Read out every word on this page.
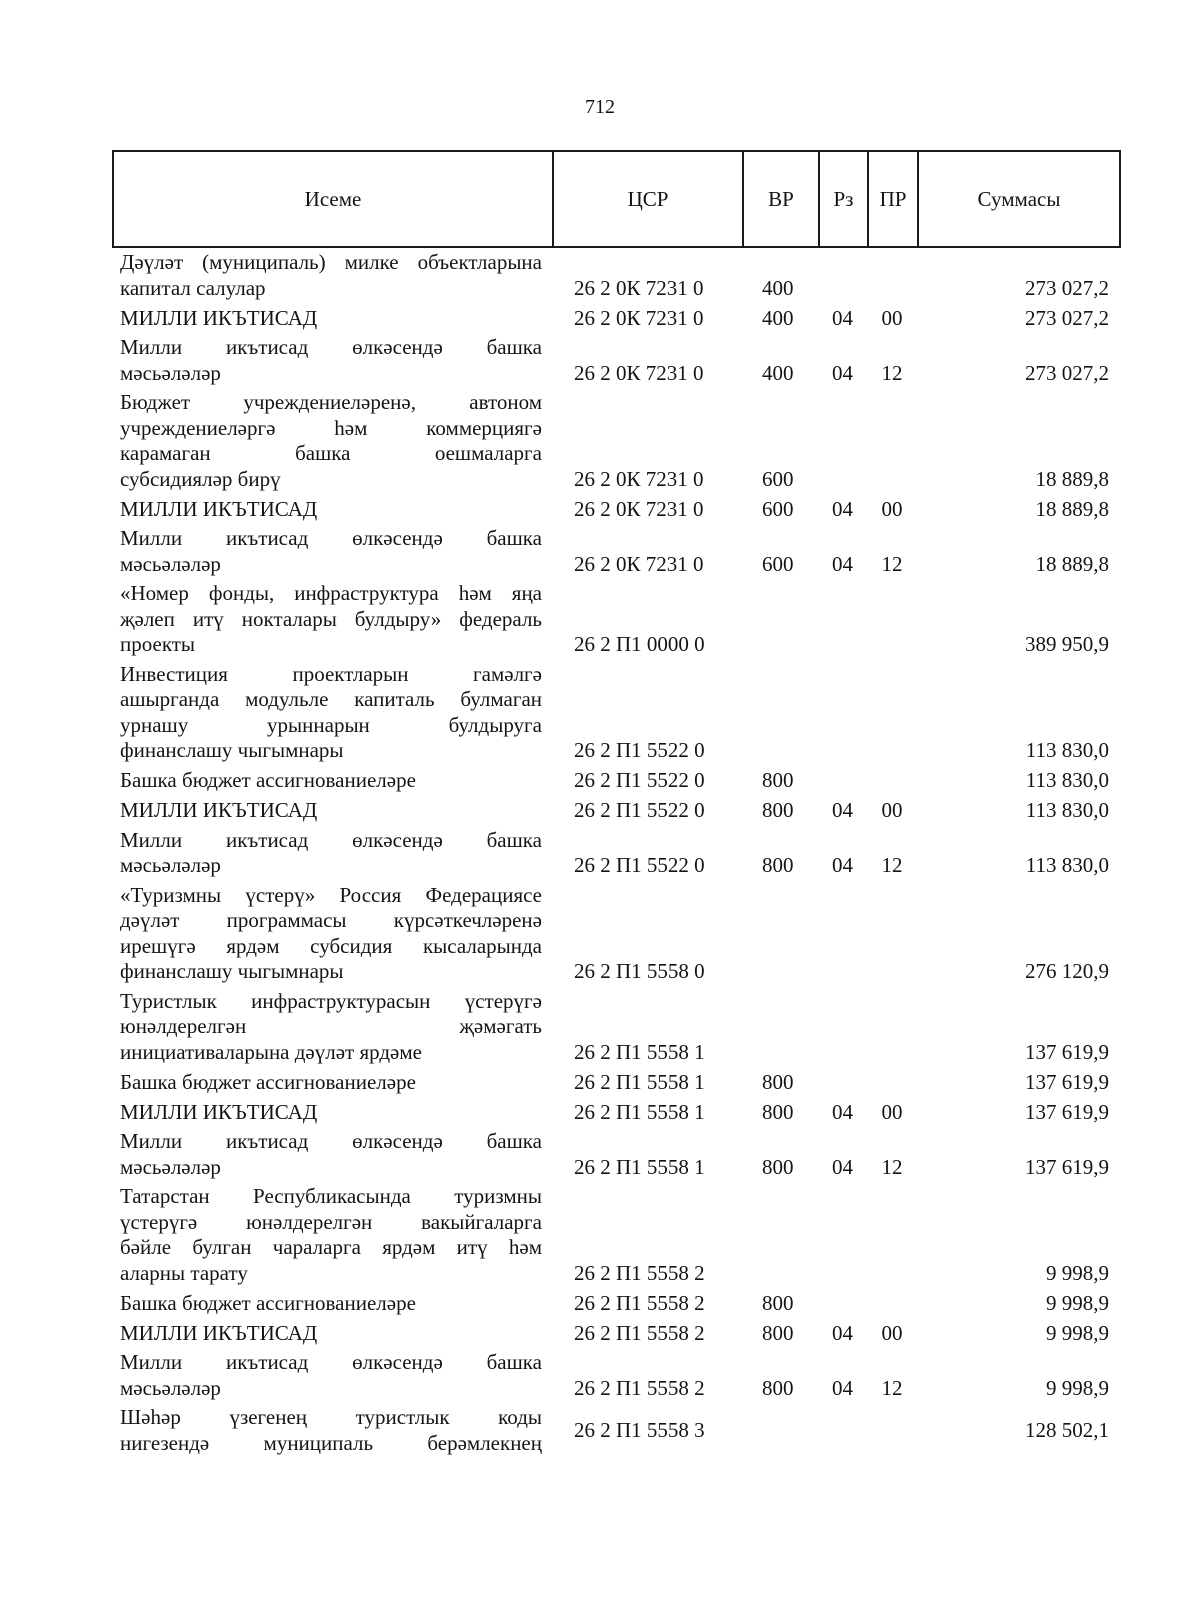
712
Исеме	ЦСР	ВР	Рз	ПР	Суммасы
Дәүләт (муниципаль) милке объектларына
капитал салулар	26 2 0К 7231 0	400	273 027,2
МИЛЛИ ИКЪТИСАД	26 2 0К 7231 0	400	04	00	273 027,2
Милли икътисад өлкәсендә башка
мәсьәләләр	26 2 0К 7231 0	400	04	12	273 027,2
Бюджет учреждениеләренә, автоном
учреждениеләргә һәм коммерциягә
карамаган башка оешмаларга
субсидияләр бирү	26 2 0К 7231 0	600	18 889,8
МИЛЛИ ИКЪТИСАД	26 2 0К 7231 0	600	04	00	18 889,8
Милли икътисад өлкәсендә башка
мәсьәләләр	26 2 0К 7231 0	600	04	12	18 889,8
«Номер фонды, инфраструктура һәм яңа
җәлеп итү нокталары булдыру» федераль
проекты	26 2 П1 0000 0	389 950,9
Инвестиция проектларын гамәлгә
ашырганда модульле капиталь булмаган
урнашу урыннарын булдыруга
финанслашу чыгымнары	26 2 П1 5522 0	113 830,0
Башка бюджет ассигнованиеләре	26 2 П1 5522 0	800	113 830,0
МИЛЛИ ИКЪТИСАД	26 2 П1 5522 0	800	04	00	113 830,0
Милли икътисад өлкәсендә башка
мәсьәләләр	26 2 П1 5522 0	800	04	12	113 830,0
«Туризмны үстерү» Россия Федерациясе
дәүләт программасы күрсәткечләренә
ирешүгә ярдәм субсидия кысаларында
финанслашу чыгымнары	26 2 П1 5558 0	276 120,9
Туристлык инфраструктурасын үстерүгә
юнәлдерелгән җәмәгать
инициативаларына дәүләт ярдәме	26 2 П1 5558 1	137 619,9
Башка бюджет ассигнованиеләре	26 2 П1 5558 1	800	137 619,9
МИЛЛИ ИКЪТИСАД	26 2 П1 5558 1	800	04	00	137 619,9
Милли икътисад өлкәсендә башка
мәсьәләләр	26 2 П1 5558 1	800	04	12	137 619,9
Татарстан Республикасында туризмны
үстерүгә юнәлдерелгән вакыйгаларга
бәйле булган чараларга ярдәм итү һәм
аларны тарату	26 2 П1 5558 2	9 998,9
Башка бюджет ассигнованиеләре	26 2 П1 5558 2	800	9 998,9
МИЛЛИ ИКЪТИСАД	26 2 П1 5558 2	800	04	00	9 998,9
Милли икътисад өлкәсендә башка
мәсьәләләр	26 2 П1 5558 2	800	04	12	9 998,9
Шәһәр үзегенең туристлык коды
нигезендә муниципаль берәмлекнең
26 2 П1 5558 3	128 502,1
